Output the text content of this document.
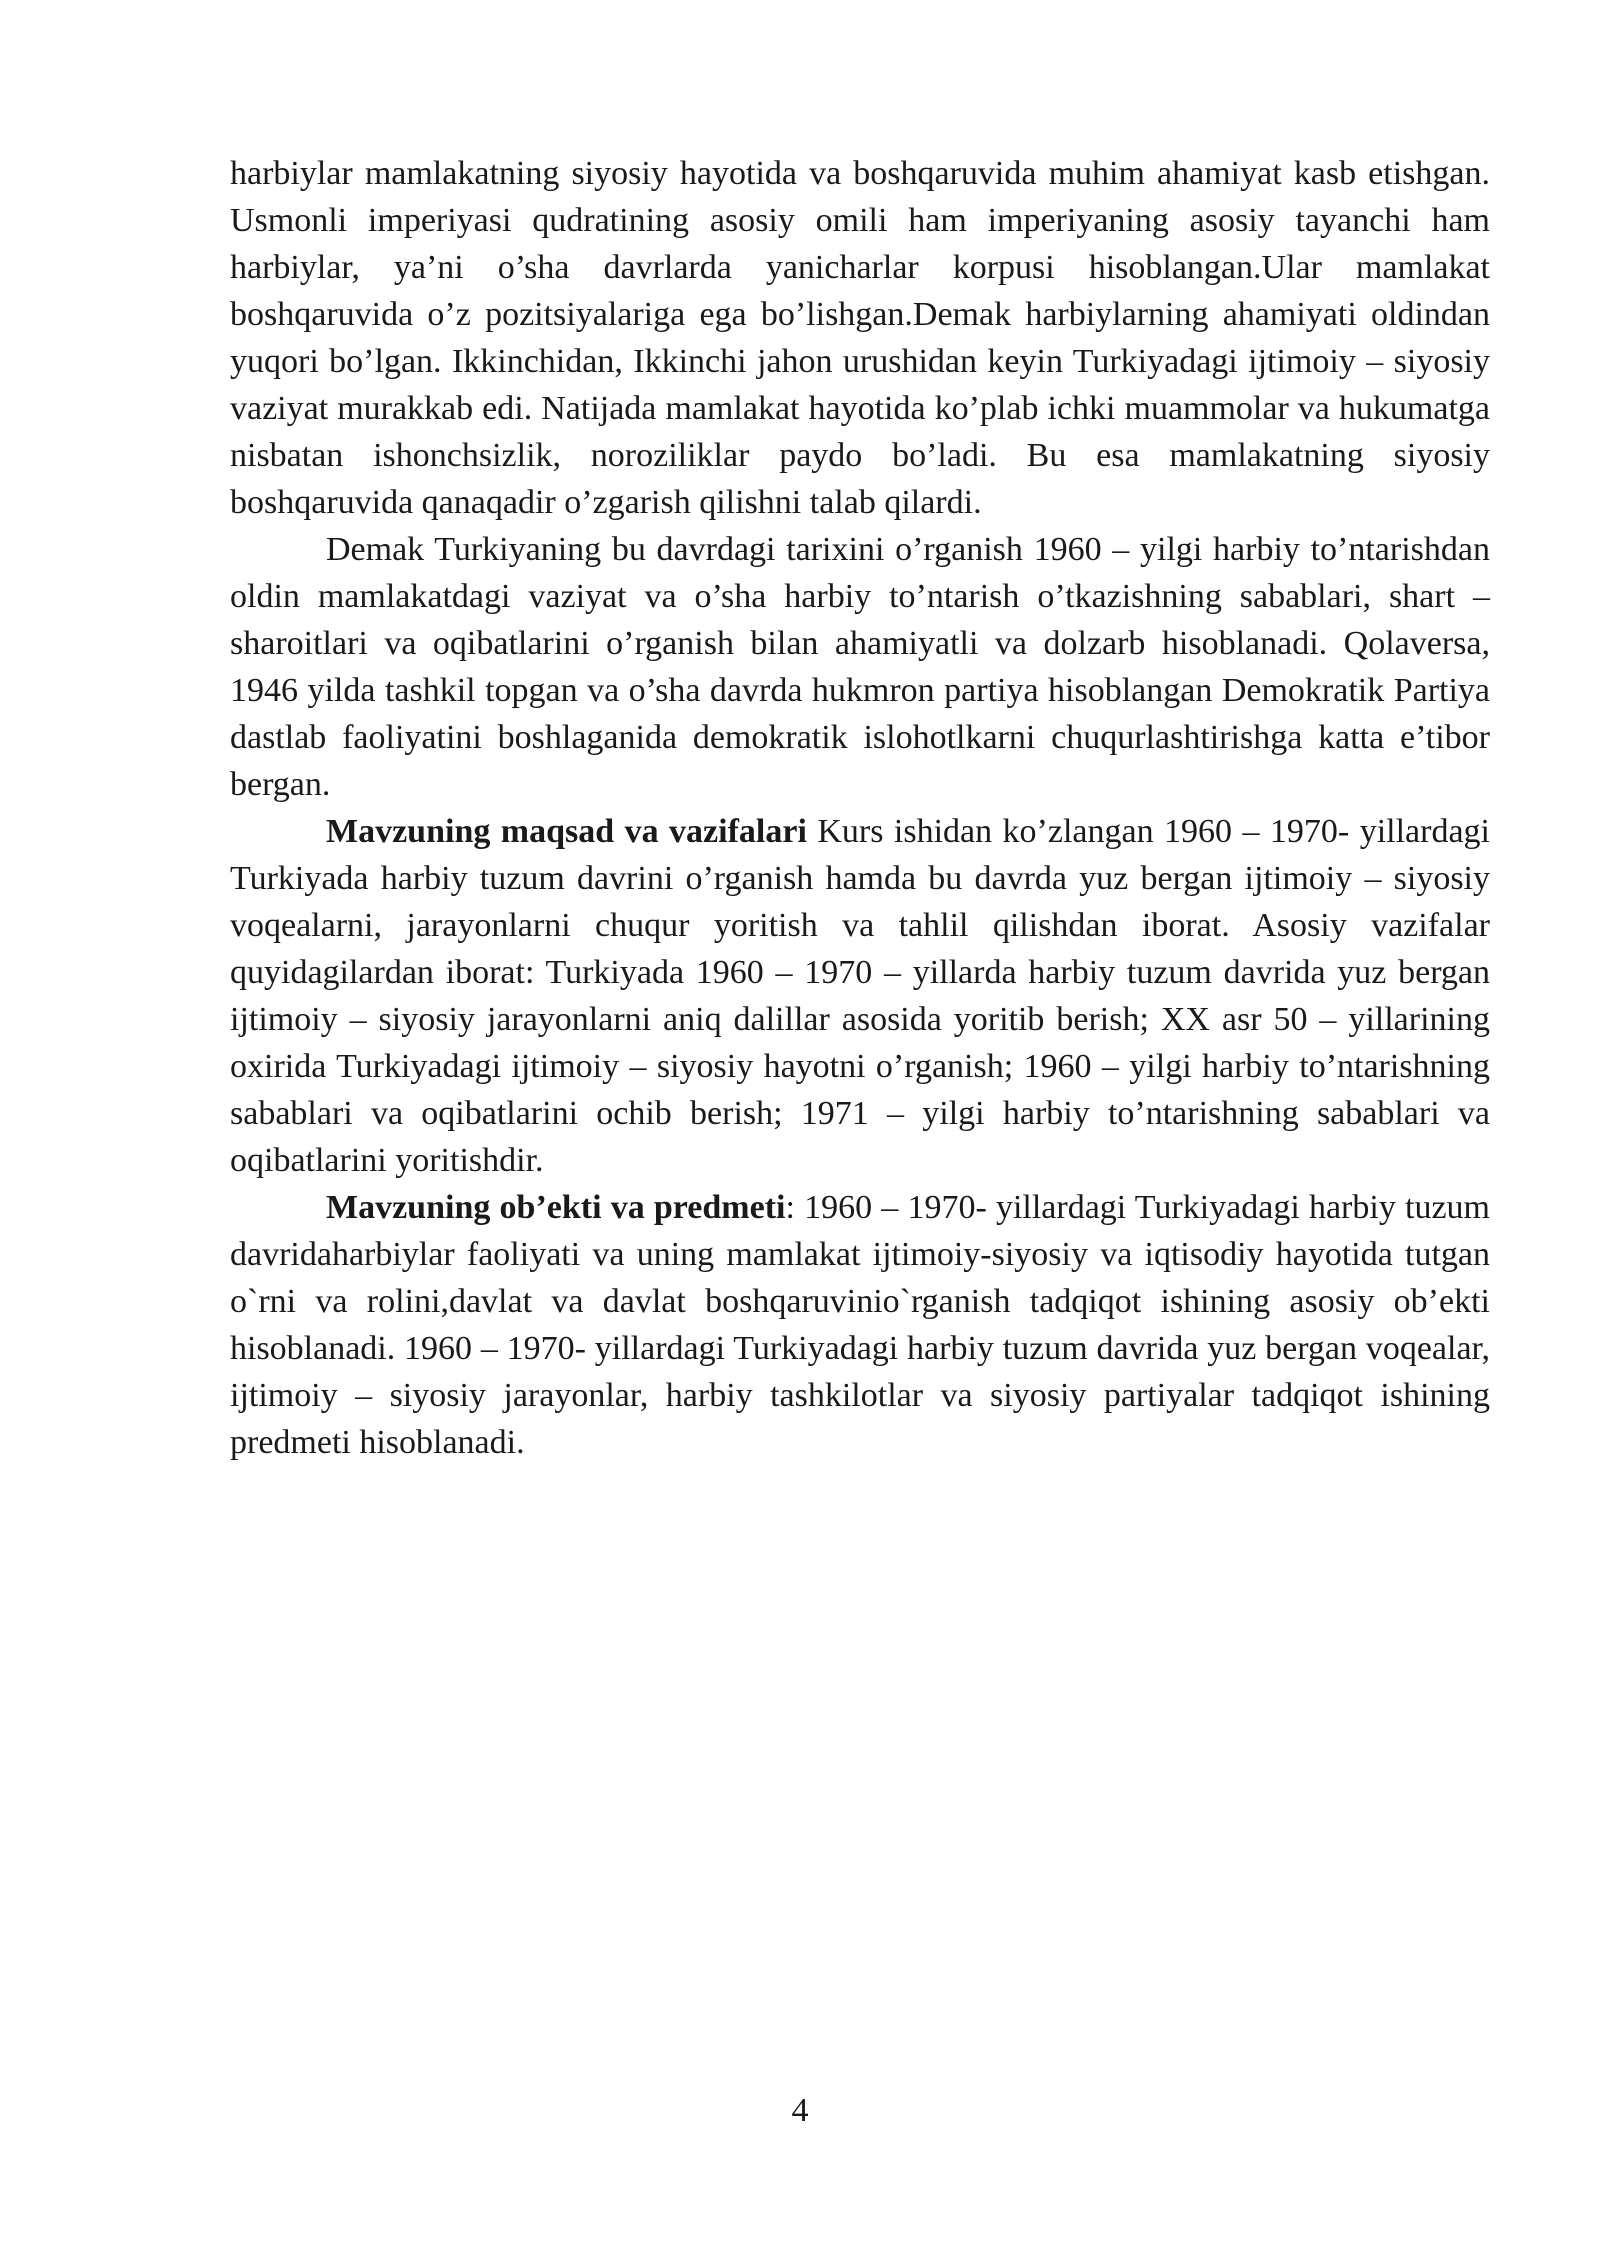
harbiylar mamlakatning siyosiy hayotida va boshqaruvida muhim ahamiyat kasb etishgan. Usmonli imperiyasi qudratining asosiy omili ham imperiyaning asosiy tayanchi ham harbiylar, ya’ni o’sha davrlarda yanicharlar korpusi hisoblangan.Ular mamlakat boshqaruvida o’z pozitsiyalariga ega bo’lishgan.Demak harbiylarning ahamiyati oldindan yuqori bo’lgan. Ikkinchidan, Ikkinchi jahon urushidan keyin Turkiyadagi ijtimoiy – siyosiy vaziyat murakkab edi. Natijada mamlakat hayotida ko’plab ichki muammolar va hukumatga nisbatan ishonchsizlik, noroziliklar paydo bo’ladi. Bu esa mamlakatning siyosiy boshqaruvida qanaqadir o’zgarish qilishni talab qilardi.

Demak Turkiyaning bu davrdagi tarixini o’rganish 1960 – yilgi harbiy to’ntarishdan oldin mamlakatdagi vaziyat va o’sha harbiy to’ntarish o’tkazishning sabablari, shart – sharoitlari va oqibatlarini o’rganish bilan ahamiyatli va dolzarb hisoblanadi. Qolaversa, 1946 yilda tashkil topgan va o’sha davrda hukmron partiya hisoblangan Demokratik Partiya dastlab faoliyatini boshlaganida demokratik islohotlkarni chuqurlashtirishga katta e’tibor bergan.

Mavzuning maqsad va vazifalari Kurs ishidan ko’zlangan 1960 – 1970- yillardagi Turkiyada harbiy tuzum davrini o’rganish hamda bu davrda yuz bergan ijtimoiy – siyosiy voqealarni, jarayonlarni chuqur yoritish va tahlil qilishdan iborat. Asosiy vazifalar quyidagilardan iborat: Turkiyada 1960 – 1970 – yillarda harbiy tuzum davrida yuz bergan ijtimoiy – siyosiy jarayonlarni aniq dalillar asosida yoritib berish; XX asr 50 – yillarining oxirida Turkiyadagi ijtimoiy – siyosiy hayotni o’rganish; 1960 – yilgi harbiy to’ntarishning sabablari va oqibatlarini ochib berish; 1971 – yilgi harbiy to’ntarishning sabablari va oqibatlarini yoritishdir.

Mavzuning ob’ekti va predmeti: 1960 – 1970- yillardagi Turkiyadagi harbiy tuzum davridaharbiylar faoliyati va uning mamlakat ijtimoiy-siyosiy va iqtisodiy hayotida tutgan o`rni va rolini,davlat va davlat boshqaruvinio`rganish tadqiqot ishining asosiy ob’ekti hisoblanadi. 1960 – 1970- yillardagi Turkiyadagi harbiy tuzum davrida yuz bergan voqealar, ijtimoiy – siyosiy jarayonlar, harbiy tashkilotlar va siyosiy partiyalar tadqiqot ishining predmeti hisoblanadi.

4
